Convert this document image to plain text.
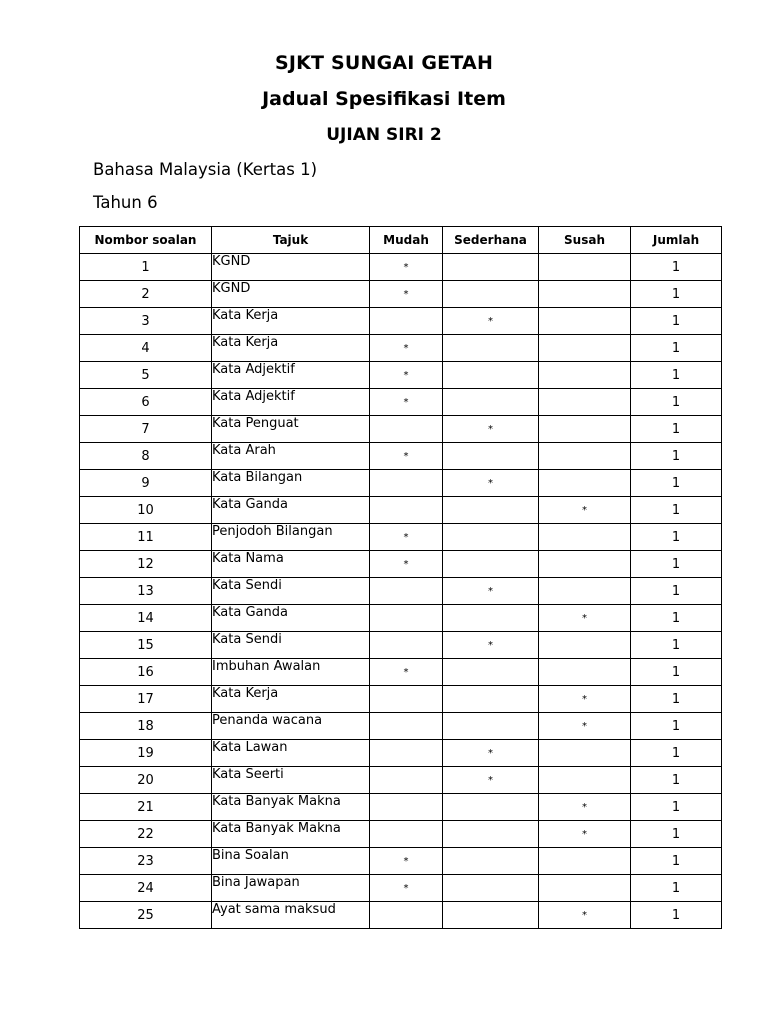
SJKT SUNGAI GETAH
Jadual Spesifikasi Item
UJIAN SIRI 2
Bahasa Malaysia (Kertas 1)
Tahun 6
Nombor soalan	Tajuk	Mudah	Sederhana	Susah	Jumlah
1	KGND	*			1
2	KGND	*			1
3	Kata Kerja		*		1
4	Kata Kerja	*			1
5	Kata Adjektif	*			1
6	Kata Adjektif	*			1
7	Kata Penguat		*		1
8	Kata Arah	*			1
9	Kata Bilangan		*		1
10	Kata Ganda			*	1
11	Penjodoh Bilangan	*			1
12	Kata Nama	*			1
13	Kata Sendi		*		1
14	Kata Ganda			*	1
15	Kata Sendi		*		1
16	Imbuhan Awalan	*			1
17	Kata Kerja			*	1
18	Penanda wacana			*	1
19	Kata Lawan		*		1
20	Kata Seerti		*		1
21	Kata Banyak Makna			*	1
22	Kata Banyak Makna			*	1
23	Bina Soalan	*			1
24	Bina Jawapan	*			1
25	Ayat sama maksud			*	1
